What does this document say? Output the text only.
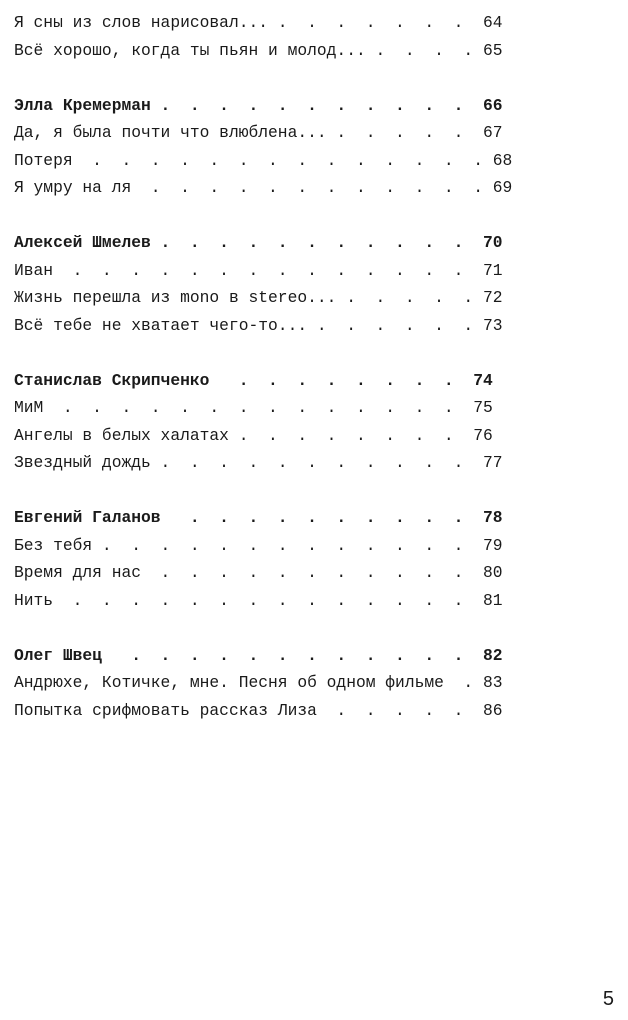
Я сны из слов нарисовал... .  .  .  .  .  .  .  64
Всё хорошо, когда ты пьян и молод... .  .  .  . 65
Элла Кремерман .  .  .  .  .  .  .  .  .  .  .  66
Да, я была почти что влюблена... .  .  .  .  .  67
Потеря  .  .  .  .  .  .  .  .  .  .  .  .  .  . 68
Я умру на ля  .  .  .  .  .  .  .  .  .  .  .  . 69
Алексей Шмелев .  .  .  .  .  .  .  .  .  .  .  70
Иван  .  .  .  .  .  .  .  .  .  .  .  .  .  .  71
Жизнь перешла из mono в stereo... .  .  .  .  . 72
Всё тебе не хватает чего-то... .  .  .  .  .  . 73
Станислав Скрипченко   .  .  .  .  .  .  .  .  74
МиМ  .  .  .  .  .  .  .  .  .  .  .  .  .  .  75
Ангелы в белых халатах .  .  .  .  .  .  .  .  76
Звездный дождь .  .  .  .  .  .  .  .  .  .  .  77
Евгений Галанов   .  .  .  .  .  .  .  .  .  .  78
Без тебя .  .  .  .  .  .  .  .  .  .  .  .  .  79
Время для нас  .  .  .  .  .  .  .  .  .  .  .  80
Нить  .  .  .  .  .  .  .  .  .  .  .  .  .  .  81
Олег Швец   .  .  .  .  .  .  .  .  .  .  .  .  82
Андрюхе, Котичке, мне. Песня об одном фильме  . 83
Попытка срифмовать рассказ Лиза  .  .  .  .  .  86
5
